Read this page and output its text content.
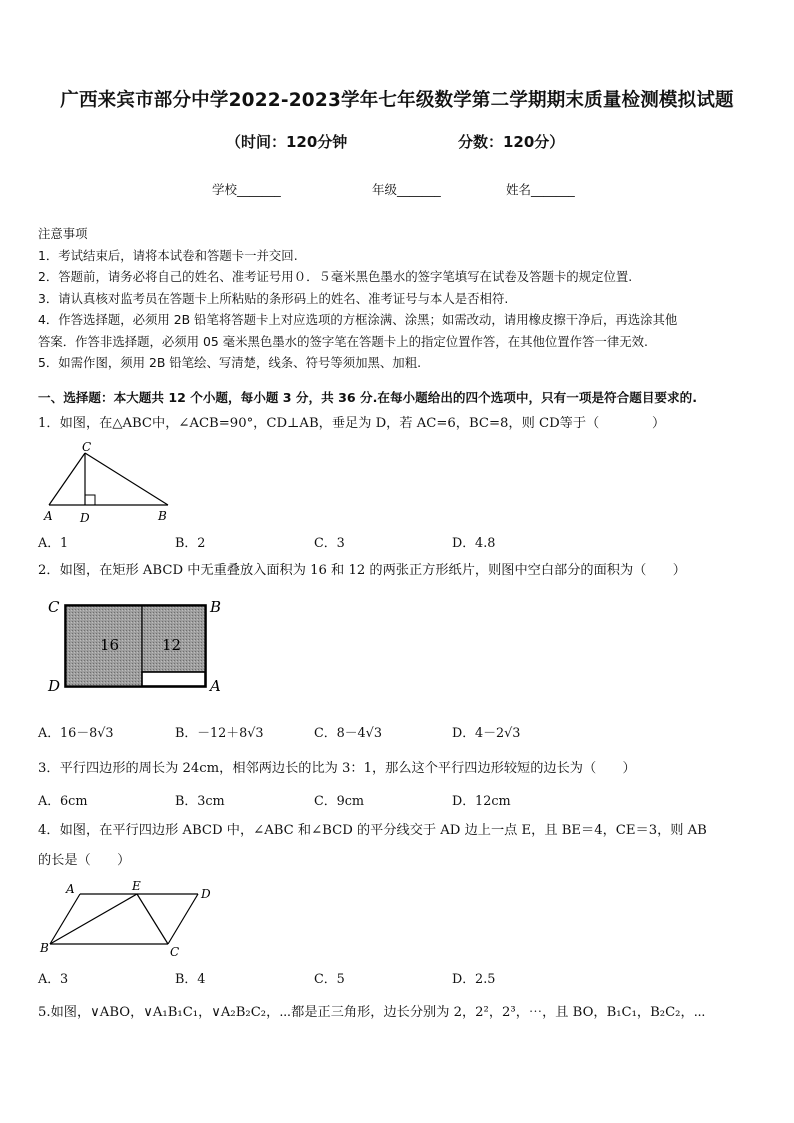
广西来宾市部分中学2022-2023学年七年级数学第二学期期末质量检测模拟试题
（时间：120分钟	分数：120分）
学校_______	年级_______	姓名_______
注意事项
1．考试结束后，请将本试卷和答题卡一并交回.
2．答题前，请务必将自己的姓名、准考证号用０．５毫米黑色墨水的签字笔填写在试卷及答题卡的规定位置.
3．请认真核对监考员在答题卡上所粘贴的条形码上的姓名、准考证号与本人是否相符.
4．作答选择题，必须用 2B 铅笔将答题卡上对应选项的方框涂满、涂黑；如需改动，请用橡皮擦干净后，再选涂其他
答案．作答非选择题，必须用 05 毫米黑色墨水的签字笔在答题卡上的指定位置作答，在其他位置作答一律无效.
5．如需作图，须用 2B 铅笔绘、写清楚，线条、符号等须加黑、加粗.
一、选择题：本大题共 12 个小题，每小题 3 分，共 36 分.在每小题给出的四个选项中，只有一项是符合题目要求的.
1．如图，在△ABC中，∠ACB=90°，CD⊥AB，垂足为 D，若 AC=6，BC=8，则 CD等于（　　　　）
C
A D	B
A．1	B．2	C．3	D．4.8
2．如图，在矩形 ABCD 中无重叠放入面积为 16 和 12 的两张正方形纸片，则图中空白部分的面积为（　　）
16	12
C	B
D	A
A．16－8√3	B．－12＋8√3	C．8－4√3	D．4－2√3
3．平行四边形的周长为 24cm，相邻两边长的比为 3：1，那么这个平行四边形较短的边长为（　　）
A．6cm	B．3cm	C．9cm	D．12cm
4．如图，在平行四边形 ABCD 中，∠ABC 和∠BCD 的平分线交于 AD 边上一点 E，且 BE＝4，CE＝3，则 AB
的长是（　　）
A	E
D
B	C
A．3	B．4	C．5	D．2.5
5.如图，∨ABO，∨A₁B₁C₁，∨A₂B₂C₂，⋯都是正三角形，边长分别为 2，2²，2³，⋯，且 BO，B₁C₁，B₂C₂，⋯
